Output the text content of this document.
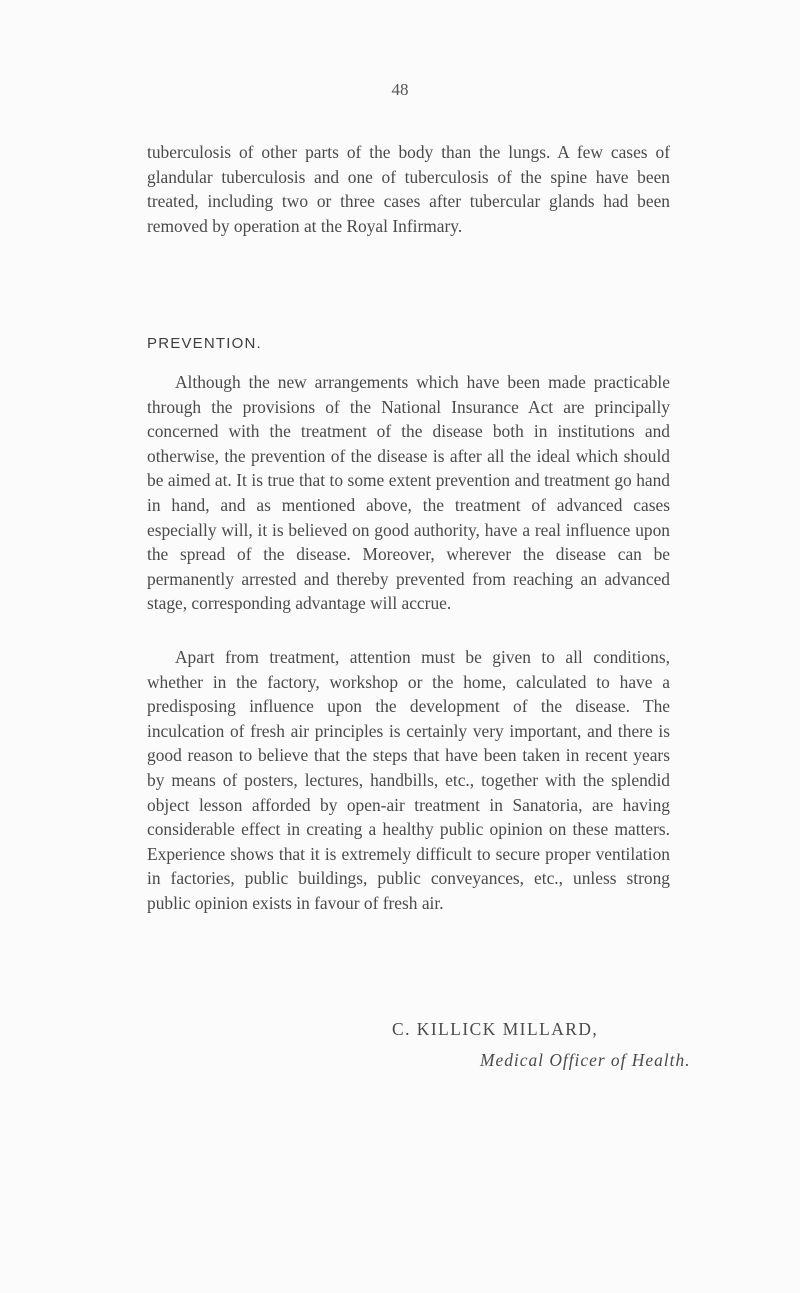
48

tuberculosis of other parts of the body than the lungs. A few cases of glandular tuberculosis and one of tuberculosis of the spine have been treated, including two or three cases after tubercular glands had been removed by operation at the Royal Infirmary.

PREVENTION.

Although the new arrangements which have been made practicable through the provisions of the National Insurance Act are principally concerned with the treatment of the disease both in institutions and otherwise, the prevention of the disease is after all the ideal which should be aimed at. It is true that to some extent prevention and treatment go hand in hand, and as mentioned above, the treatment of advanced cases especially will, it is believed on good authority, have a real influence upon the spread of the disease. Moreover, wherever the disease can be permanently arrested and thereby prevented from reaching an advanced stage, corresponding advantage will accrue.

Apart from treatment, attention must be given to all conditions, whether in the factory, workshop or the home, calculated to have a predisposing influence upon the development of the disease. The inculcation of fresh air principles is certainly very important, and there is good reason to believe that the steps that have been taken in recent years by means of posters, lectures, handbills, etc., together with the splendid object lesson afforded by open-air treatment in Sanatoria, are having considerable effect in creating a healthy public opinion on these matters. Experience shows that it is extremely difficult to secure proper ventilation in factories, public buildings, public conveyances, etc., unless strong public opinion exists in favour of fresh air.

C. KILLICK MILLARD,
Medical Officer of Health.
